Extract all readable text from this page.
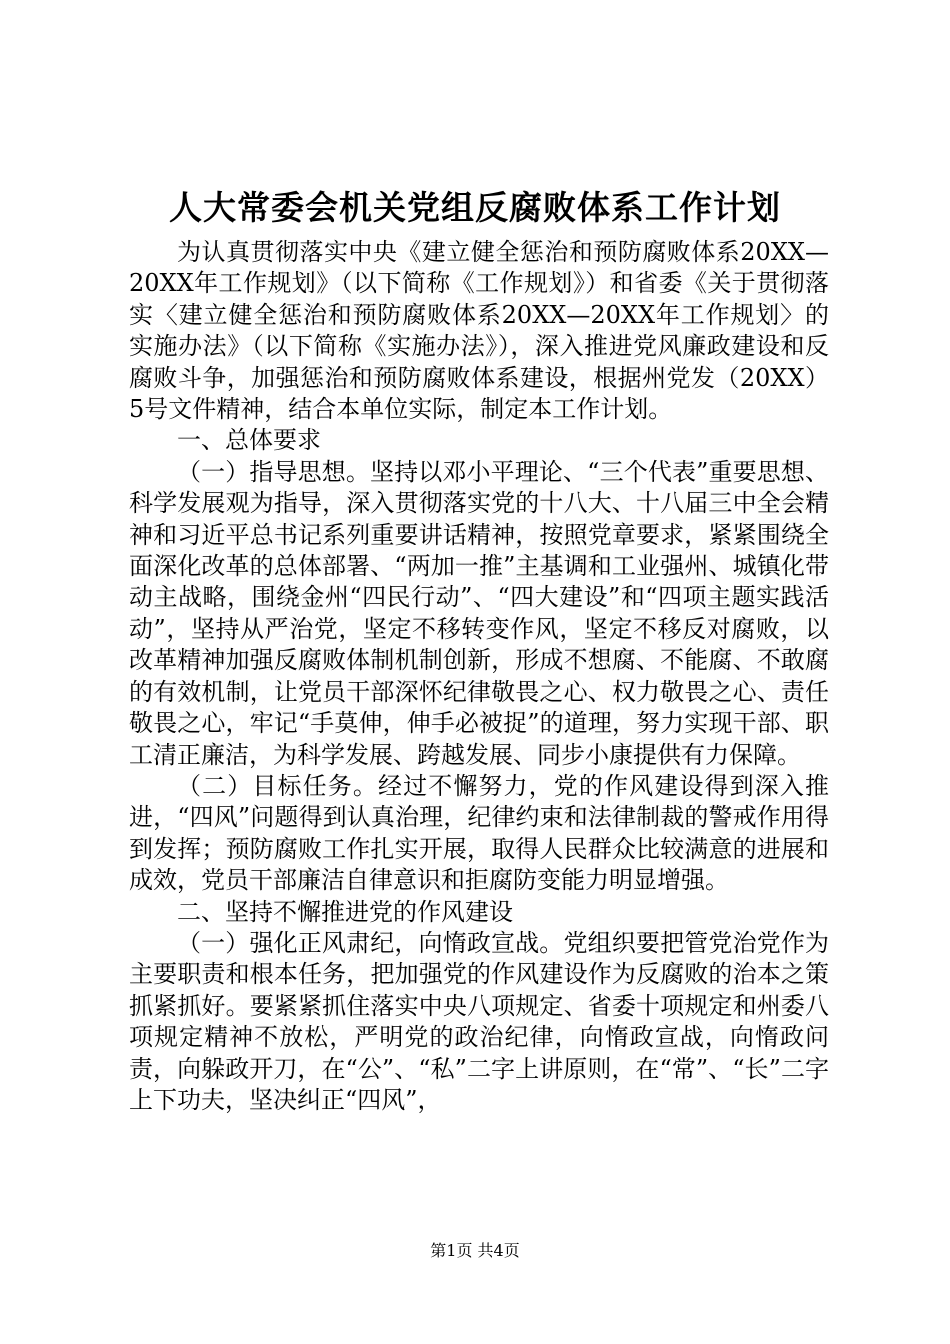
人大常委会机关党组反腐败体系工作计划

为认真贯彻落实中央《建立健全惩治和预防腐败体系20XX—20XX年工作规划》（以下简称《工作规划》）和省委《关于贯彻落实〈建立健全惩治和预防腐败体系20XX—20XX年工作规划〉的实施办法》（以下简称《实施办法》），深入推进党风廉政建设和反腐败斗争，加强惩治和预防腐败体系建设，根据州党发（20XX）5号文件精神，结合本单位实际，制定本工作计划。

一、总体要求

（一）指导思想。坚持以邓小平理论、“三个代表”重要思想、科学发展观为指导，深入贯彻落实党的十八大、十八届三中全会精神和习近平总书记系列重要讲话精神，按照党章要求，紧紧围绕全面深化改革的总体部署、“两加一推”主基调和工业强州、城镇化带动主战略，围绕金州“四民行动”、“四大建设”和“四项主题实践活动”，坚持从严治党，坚定不移转变作风，坚定不移反对腐败，以改革精神加强反腐败体制机制创新，形成不想腐、不能腐、不敢腐的有效机制，让党员干部深怀纪律敬畏之心、权力敬畏之心、责任敬畏之心，牢记“手莫伸，伸手必被捉”的道理，努力实现干部、职工清正廉洁，为科学发展、跨越发展、同步小康提供有力保障。

（二）目标任务。经过不懈努力，党的作风建设得到深入推进，“四风”问题得到认真治理，纪律约束和法律制裁的警戒作用得到发挥；预防腐败工作扎实开展，取得人民群众比较满意的进展和成效，党员干部廉洁自律意识和拒腐防变能力明显增强。

二、坚持不懈推进党的作风建设

（一）强化正风肃纪，向惰政宣战。党组织要把管党治党作为主要职责和根本任务，把加强党的作风建设作为反腐败的治本之策抓紧抓好。要紧紧抓住落实中央八项规定、省委十项规定和州委八项规定精神不放松，严明党的政治纪律，向惰政宣战，向惰政问责，向躲政开刀，在“公”、“私”二字上讲原则，在“常”、“长”二字上下功夫，坚决纠正“四风”，

第1页 共4页
